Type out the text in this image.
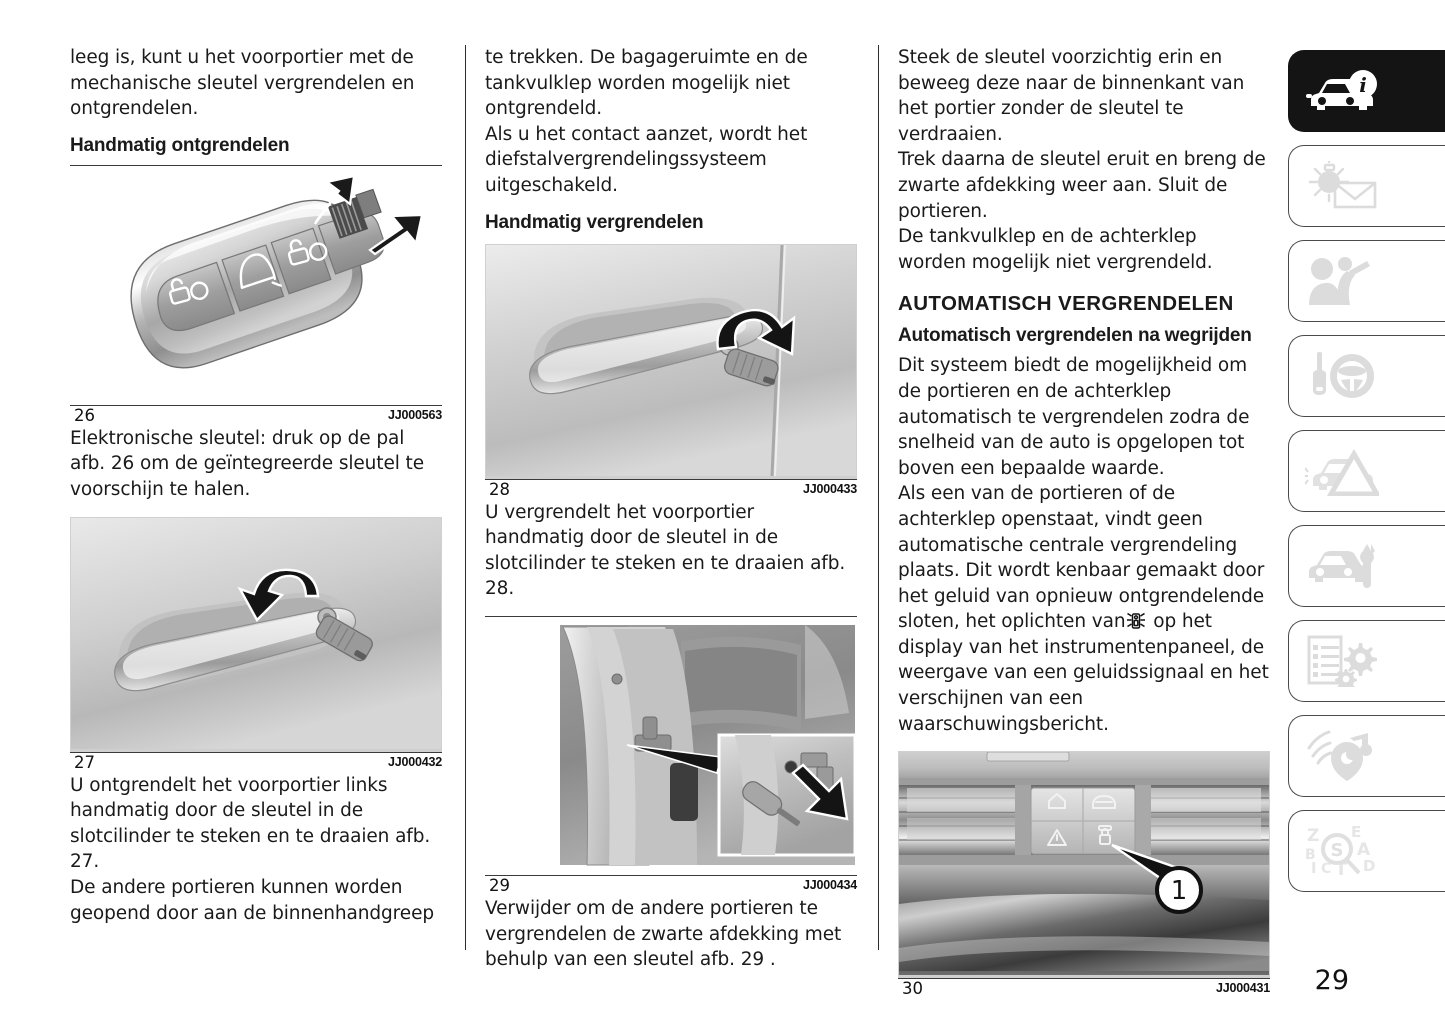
leeg is, kunt u het voorportier met de mechanische sleutel vergrendelen en ontgrendelen.

Handmatig ontgrendelen
26	JJ000563

Elektronische sleutel: druk op de pal afb. 26 om de geïntegreerde sleutel te voorschijn te halen.

27	JJ000432

U ontgrendelt het voorportier links handmatig door de sleutel in de slotcilinder te steken en te draaien afb. 27.

De andere portieren kunnen worden geopend door aan de binnenhandgreep

te trekken. De bagageruimte en de tankvulklep worden mogelijk niet ontgrendeld.

Als u het contact aanzet, wordt het diefstalvergrendelingssysteem uitgeschakeld.

Handmatig vergrendelen
28	JJ000433

U vergrendelt het voorportier handmatig door de sleutel in de slotcilinder te steken en te draaien afb. 28.

29	JJ000434

Verwijder om de andere portieren te vergrendelen de zwarte afdekking met behulp van een sleutel afb. 29 .

Steek de sleutel voorzichtig erin en beweeg deze naar de binnenkant van het portier zonder de sleutel te verdraaien.

Trek daarna de sleutel eruit en breng de zwarte afdekking weer aan. Sluit de portieren.

De tankvulklep en de achterklep worden mogelijk niet vergrendeld.

AUTOMATISCH VERGRENDELEN
Automatisch vergrendelen na wegrijden

Dit systeem biedt de mogelijkheid om de portieren en de achterklep automatisch te vergrendelen zodra de snelheid van de auto is opgelopen tot boven een bepaalde waarde.

Als een van de portieren of de achterklep openstaat, vindt geen automatische centrale vergrendeling plaats. Dit wordt kenbaar gemaakt door het geluid van opnieuw ontgrendelende sloten, het oplichten van op het display van het instrumentenpaneel, de weergave van een geluidssignaal en het verschijnen van een waarschuwingsbericht.

1
30	JJ000431
i
Z
B
I C T
E
A
D
S
29
